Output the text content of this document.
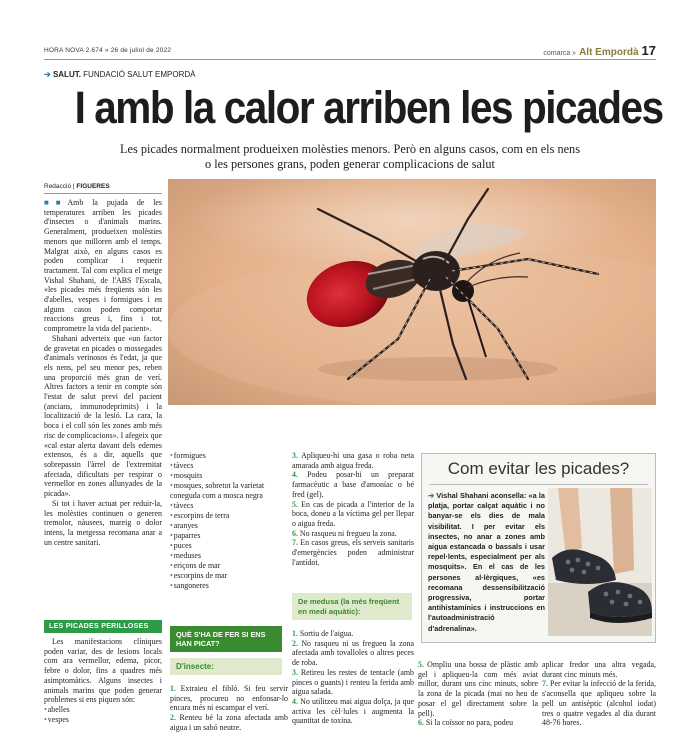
HORA NOVA 2.674 » 26 de juliol de 2022	comarca » Alt Empordà 17
➔ SALUT. FUNDACIÓ SALUT EMPORDÀ
I amb la calor arriben les picades
Les picades normalment produeixen molèsties menors. Però en alguns casos, com en els nens
o les persones grans, poden generar complicacions de salut
Redacció | FIGUERES

■■Amb la pujada de les temperatures arriben les picades d'insectes o d'animals marins. Generalment, produeixen molèsties menors que milloren amb el temps. Malgrat això, en alguns casos es poden complicar i requerir tractament. Tal com explica el metge Vishal Shahani, de l'ABS l'Escala, «les picades més freqüents són les d'abelles, vespes i formigues i en alguns casos poden comportar reaccions greus i, fins i tot, comprometre la vida del pacient».

Shahani adverteix que «un factor de gravetat en picades o mossegades d'animals verinosos és l'edat, ja que els nens, pel seu menor pes, reben una proporció més gran de verí. Altres factors a tenir en compte són l'estat de salut previ del pacient (ancians, immunodeprimits) i la localització de la lesió. La cara, la boca i el coll són les zones amb més risc de complicacions». I afegeix que «cal estar alerta davant dels edemes extensos, és a dir, aquells que sobrepassin l'àrrel de l'extremitat afectada, dificultats per respirar o vermellor en zones allunyades de la picada».

Si tot i haver actuat per reduir-la, les molèsties continuen o generen tremolor, nàusees, mareig o dolor intens, la metgessa recomana anar a un centre sanitari.

LES PICADES PERILLOSES

Les manifestacions clíniques poden variar, des de lesions locals com ara vermellor, edema, picor, febre o dolor, fins a quadres més asimptomàtics. Alguns insectes i animals marins que poden generar problemes si ens piquen són:

• abelles
• vespes
• formigues
• tàvecs
• mosquits
• mosques, sobretot la varietat coneguda com a mosca negra
• tàvecs
• escorpins de terra
• aranyes
• paparres
• puces
• meduses
• eriçons de mar
• escorpins de mar
• sangoneres
QUÈ S'HA DE FER SI ENS HAN PICAT?
D'insecte:

1. Extraieu el fibló. Si feu servir pinces, procureu no enfonsar-lo encara més ni escampar el verí.

2. Renteu bé la zona afectada amb aigua i un sabó neutre.

3. Apliqueu-hi una gasa o roba neta amarada amb aigua freda.

4. Podeu posar-hi un preparat farmacèutic a base d'amoníac o bé fred (gel).

5. En cas de picada a l'interior de la boca, doneu a la víctima gel per llepar o aigua freda.

6. No rasqueu ni fregueu la zona.

7. En casos greus, els serveis sanitaris d'emergències poden administrar l'antídot.

De medusa (la més freqüent en medi aquàtic):

1. Sortiu de l'aigua.

2. No rasqueu ni us fregueu la zona afectada amb tovalloles o altres peces de roba.

3. Retireu les restes de tentacle (amb pinces o guants) i renteu la ferida amb aigua salada.

4. No utilitzeu mai aigua dolça, ja que activa les cèl·lules i augmenta la quantitat de toxina.

Com evitar les picades?
➔ Vishal Shahani aconsella: «a la platja, portar calçat aquàtic i no banyar-se els dies de mala visibilitat. I per evitar els insectes, no anar a zones amb aigua estancada o bassals i usar repel·lents, especialment per als mosquits». En el cas de les persones al·lèrgiques, «es recomana dessensibilització progressiva, portar antihistamínics i instruccions en l'autoadministració d'adrenalina».

5. Ompliu una bossa de plàstic amb gel i apliqueu-la com més aviat millor, durant uns cinc minuts, sobre la zona de la picada (mai no heu de posar el gel directament sobre la pell).

6. Si la coïssor no para, podeu

aplicar fredor una altra vegada, durant cinc minuts més.

7. Per evitar la infecció de la ferida, s'aconsella que apliqueu sobre la pell un antisèptic (alcohol iodat) tres o quatre vegades al dia durant 48-76 hores.
